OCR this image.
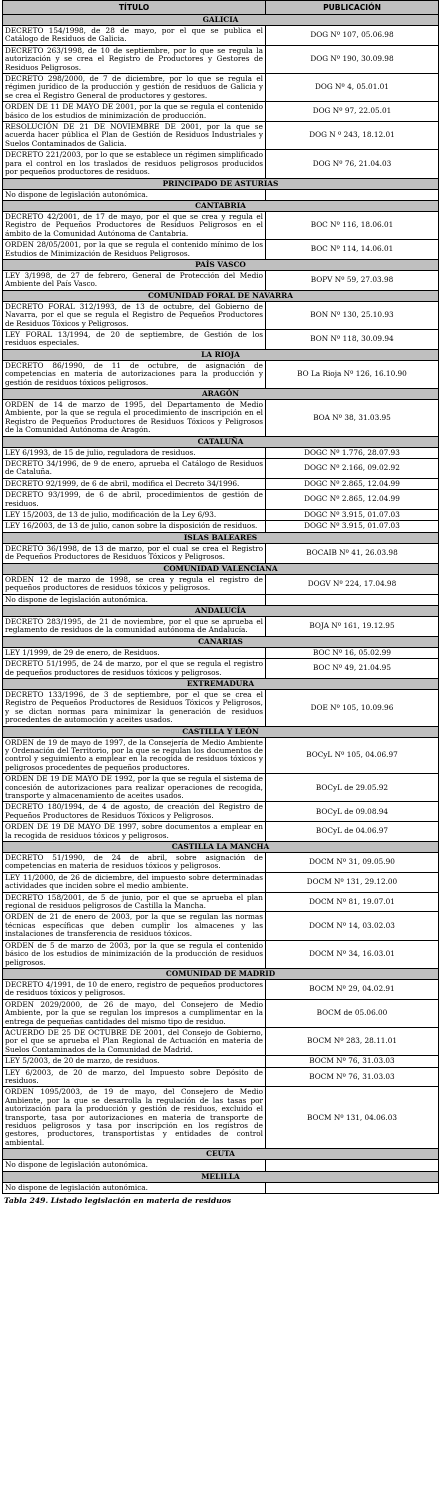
TÍTULO	PUBLICACIÓN
GALICIA	
DECRETO 154/1998, de 28 de mayo, por el que se publica el Catálogo de Residuos de Galicia.	DOG Nº 107, 05.06.98
DECRETO 263/1998, de 10 de septiembre, por lo que se regula la autorización y se crea el Registro de Productores y Gestores de Residuos Peligrosos.	DOG Nº 190, 30.09.98
DECRETO 298/2000, de 7 de diciembre, por lo que se regula el régimen jurídico de la producción y gestión de residuos de Galicia y se crea el Registro General de productores y gestores.	DOG Nº 4, 05.01.01
ORDEN DE 11 DE MAYO DE 2001, por la que se regula el contenido básico de los estudios de minimización de producción.	DOG Nº 97, 22.05.01
RESOLUCIÓN DE 21 DE NOVIEMBRE DE 2001, por la que se acuerda hacer pública el Plan de Gestión de Residuos Industriales y Suelos Contaminados de Galicia.	DOG N º 243, 18.12.01
DECRETO 221/2003, por lo que se establece un régimen simplificado para el control en los traslados de residuos peligrosos producidos por pequeños productores de residuos.	DOG Nº 76, 21.04.03
PRINCIPADO DE ASTURIAS	
No dispone de legislación autonómica.	
CANTABRIA	
DECRETO 42/2001, de 17 de mayo, por el que se crea y regula el Registro de Pequeños Productores de Residuos Peligrosos en el ámbito de la Comunidad Autónoma de Cantabria.	BOC Nº 116, 18.06.01
ORDEN 28/05/2001, por la que se regula el contenido mínimo de los Estudios de Minimización de Residuos Peligrosos.	BOC Nº 114, 14.06.01
PAÍS VASCO	
LEY 3/1998, de 27 de febrero, General de Protección del Medio Ambiente del País Vasco.	BOPV Nº 59, 27.03.98
COMUNIDAD FORAL DE NAVARRA	
DECRETO FORAL 312/1993, de 13 de octubre, del Gobierno de Navarra, por el que se regula el Registro de Pequeños Productores de Residuos Tóxicos y Peligrosos.	BON Nº 130, 25.10.93
LEY FORAL 13/1994, de 20 de septiembre, de Gestión de los residuos especiales.	BON Nº 118, 30.09.94
LA RIOJA	
DECRETO 86/1990, de 11 de octubre, de asignación de competencias en materia de autorizaciones para la producción y gestión de residuos tóxicos peligrosos.	BO La Rioja Nº 126, 16.10.90
ARAGÓN	
ORDEN de 14 de marzo de 1995, del Departamento de Medio Ambiente, por la que se regula el procedimiento de inscripción en el Registro de Pequeños Productores de Residuos Tóxicos y Peligrosos de la Comunidad Autónoma de Aragón.	BOA Nº 38, 31.03.95
CATALUÑA	
LEY 6/1993, de 15 de julio, reguladora de residuos.	DOGC Nº 1.776, 28.07.93
DECRETO 34/1996, de 9 de enero, aprueba el Catálogo de Residuos de Cataluña.	DOGC Nº 2.166, 09.02.92
DECRETO 92/1999, de 6 de abril, modifica el Decreto 34/1996.	DOGC Nº 2.865, 12.04.99
DECRETO 93/1999, de 6 de abril, procedimientos de gestión de residuos.	DOGC Nº 2.865, 12.04.99
LEY 15/2003, de 13 de julio, modificación de la Ley 6/93.	DOGC Nº 3.915, 01.07.03
LEY 16/2003, de 13 de julio, canon sobre la disposición de residuos.	DOGC Nº 3.915, 01.07.03
ISLAS BALEARES	
DECRETO 36/1998, de 13 de marzo, por el cual se crea el Registro de Pequeños Productores de Residuos Tóxicos y Peligrosos.	BOCAIB Nº 41, 26.03.98
COMUNIDAD VALENCIANA	
ORDEN 12 de marzo de 1998, se crea y regula el registro de pequeños productores de residuos tóxicos y peligrosos.	DOGV Nº 224, 17.04.98
No dispone de legislación autonómica.	
ANDALUCÍA	
DECRETO 283/1995, de 21 de noviembre, por el que se aprueba el reglamento de residuos de la comunidad autónoma de Andalucía.	BOJA Nº 161, 19.12.95
CANARIAS	
LEY 1/1999, de 29 de enero, de Residuos.	BOC Nº 16, 05.02.99
DECRETO 51/1995, de 24 de marzo, por el que se regula el registro de pequeños productores de residuos tóxicos y peligrosos.	BOC Nº 49, 21.04.95
EXTREMADURA	
DECRETO 133/1996, de 3 de septiembre, por el que se crea el Registro de Pequeños Productores de Residuos Tóxicos y Peligrosos, y se dictan normas para minimizar la generación de residuos procedentes de automoción y aceites usados.	DOE Nº 105, 10.09.96
CASTILLA Y LEÓN	
ORDEN de 19 de mayo de 1997, de la Consejería de Medio Ambiente y Ordenación del Territorio, por la que se regulan los documentos de control y seguimiento a emplear en la recogida de residuos tóxicos y peligrosos procedentes de pequeños productores.	BOCyL Nº 105, 04.06.97
ORDEN DE 19 DE MAYO DE 1992, por la que se regula el sistema de concesión de autorizaciones para realizar operaciones de recogida, transporte y almacenamiento de aceites usados.	BOCyL de 29.05.92
DECRETO 180/1994, de 4 de agosto, de creación del Registro de Pequeños Productores de Residuos Tóxicos y Peligrosos.	BOCyL de 09.08.94
ORDEN DE 19 DE MAYO DE 1997, sobre documentos a emplear en la recogida de residuos tóxicos y peligrosos.	BOCyL de 04.06.97
CASTILLA LA MANCHA	
DECRETO 51/1990, de 24 de abril, sobre asignación de competencias en materia de residuos tóxicos y peligrosos.	DOCM Nº 31, 09.05.90
LEY 11/2000, de 26 de diciembre, del impuesto sobre determinadas actividades que inciden sobre el medio ambiente.	DOCM Nº 131, 29.12.00
DECRETO 158/2001, de 5 de junio, por el que se aprueba el plan regional de residuos peligrosos de Castilla la Mancha.	DOCM Nº 81, 19.07.01
ORDEN de 21 de enero de 2003, por la que se regulan las normas técnicas específicas que deben cumplir los almacenes y las instalaciones de transferencia de residuos tóxicos.	DOCM Nº 14, 03.02.03
ORDEN de 5 de marzo de 2003, por la que se regula el contenido básico de los estudios de minimización de la producción de residuos peligrosos.	DOCM Nº 34, 16.03.01
COMUNIDAD DE MADRID	
DECRETO 4/1991, de 10 de enero, registro de pequeños productores de residuos tóxicos y peligrosos.	BOCM Nº 29, 04.02.91
ORDEN 2029/2000, de 26 de mayo, del Consejero de Medio Ambiente, por la que se regulan los impresos a cumplimentar en la entrega de pequeñas cantidades del mismo tipo de residuo.	BOCM de 05.06.00
ACUERDO DE 25 DE OCTUBRE DE 2001, del Consejo de Gobierno, por el que se aprueba el Plan Regional de Actuación en materia de Suelos Contaminados de la Comunidad de Madrid.	BOCM Nº 283, 28.11.01
LEY 5/2003, de 20 de marzo, de residuos.	BOCM Nº 76, 31.03.03
LEY 6/2003, de 20 de marzo, del Impuesto sobre Depósito de residuos.	BOCM Nº 76, 31.03.03
ORDEN 1095/2003, de 19 de mayo, del Consejero de Medio Ambiente, por la que se desarrolla la regulación de las tasas por autorización para la producción y gestión de residuos, excluido el transporte, tasa por autorizaciones en materia de transporte de residuos peligrosos y tasa por inscripción en los registros de gestores, productores, transportistas y entidades de control ambiental.	BOCM Nº 131, 04.06.03
CEUTA	
No dispone de legislación autonómica.	
MELILLA	
No dispone de legislación autonómica.	
Tabla 249. Listado legislación en materia de residuos
